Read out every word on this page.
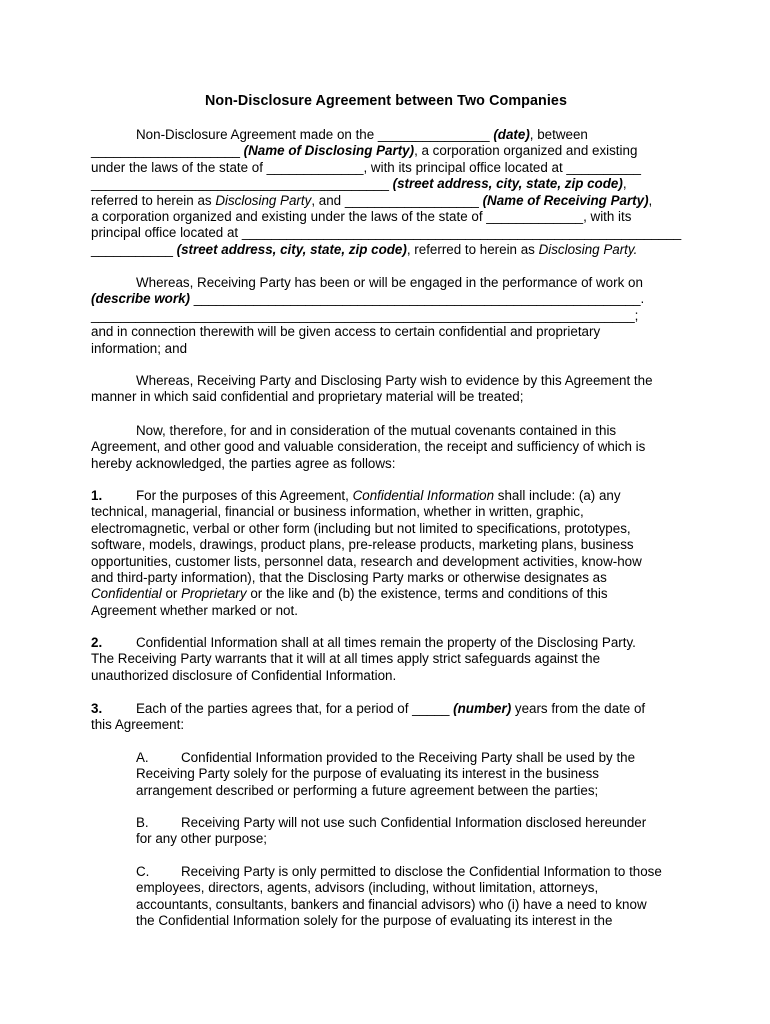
Non-Disclosure Agreement between Two Companies
Non-Disclosure Agreement made on the _______________ (date), between
____________________ (Name of Disclosing Party), a corporation organized and existing
under the laws of the state of _____________, with its principal office located at __________
________________________________________ (street address, city, state, zip code),
referred to herein as Disclosing Party, and __________________ (Name of Receiving Party),
a corporation organized and existing under the laws of the state of _____________, with its
principal office located at ___________________________________________________________
___________ (street address, city, state, zip code), referred to herein as Disclosing Party.
Whereas, Receiving Party has been or will be engaged in the performance of work on
(describe work) ____________________________________________________________.
_________________________________________________________________________;
and in connection therewith will be given access to certain confidential and proprietary
information; and
Whereas, Receiving Party and Disclosing Party wish to evidence by this Agreement the
manner in which said confidential and proprietary material will be treated;
Now, therefore, for and in consideration of the mutual covenants contained in this
Agreement, and other good and valuable consideration, the receipt and sufficiency of which is
hereby acknowledged, the parties agree as follows:
1.	For the purposes of this Agreement, Confidential Information shall include: (a) any
technical, managerial, financial or business information, whether in written, graphic,
electromagnetic, verbal or other form (including but not limited to specifications, prototypes,
software, models, drawings, product plans, pre-release products, marketing plans, business
opportunities, customer lists, personnel data, research and development activities, know-how
and third-party information), that the Disclosing Party marks or otherwise designates as
Confidential or Proprietary or the like and (b) the existence, terms and conditions of this
Agreement whether marked or not.
2.	Confidential Information shall at all times remain the property of the Disclosing Party.
The Receiving Party warrants that it will at all times apply strict safeguards against the
unauthorized disclosure of Confidential Information.
3.	Each of the parties agrees that, for a period of _____ (number) years from the date of
this Agreement:
A. Confidential Information provided to the Receiving Party shall be used by the
Receiving Party solely for the purpose of evaluating its interest in the business
arrangement described or performing a future agreement between the parties;
B. Receiving Party will not use such Confidential Information disclosed hereunder
for any other purpose;
C. Receiving Party is only permitted to disclose the Confidential Information to those
employees, directors, agents, advisors (including, without limitation, attorneys,
accountants, consultants, bankers and financial advisors) who (i) have a need to know
the Confidential Information solely for the purpose of evaluating its interest in the
